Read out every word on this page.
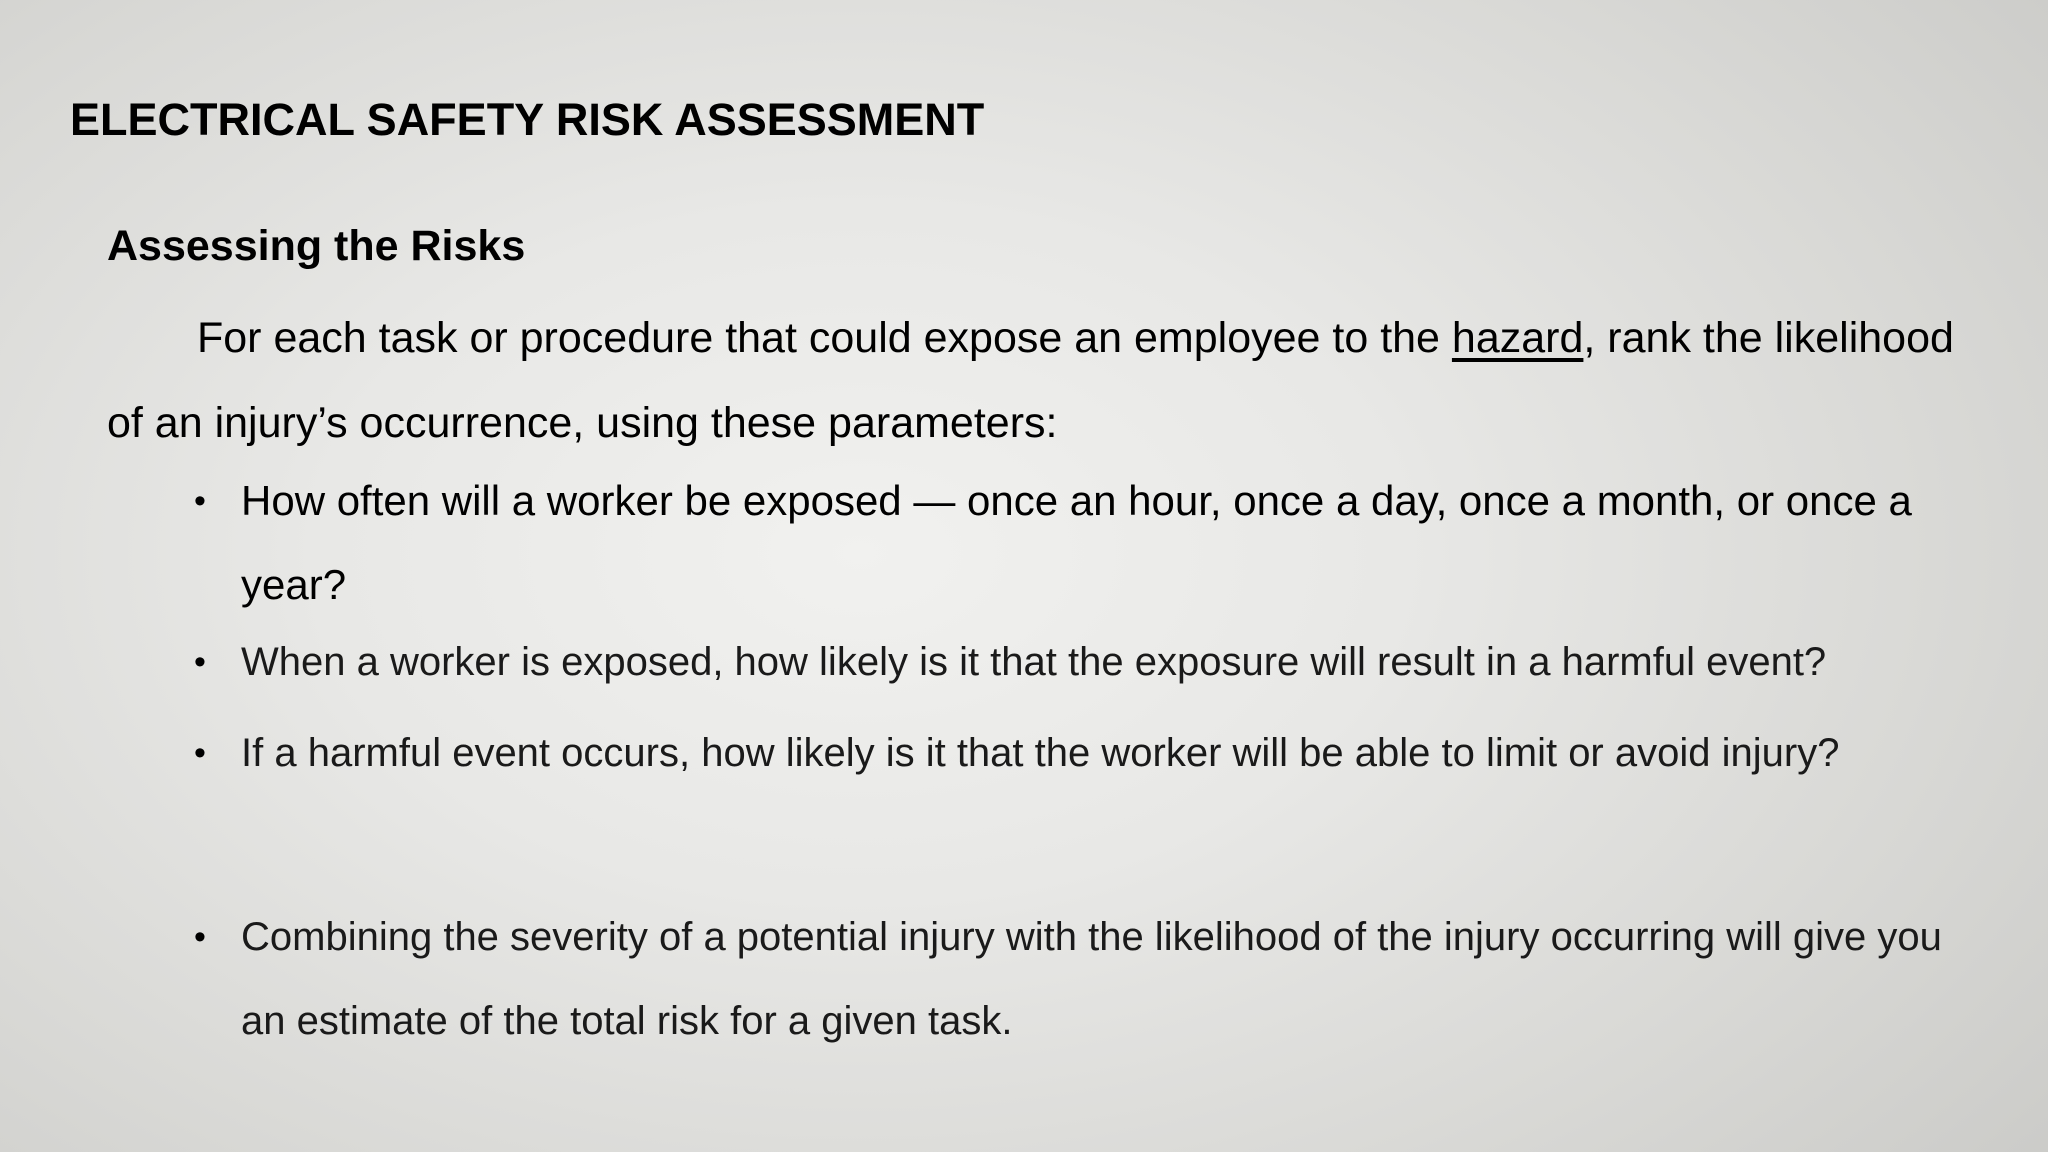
ELECTRICAL SAFETY RISK ASSESSMENT
Assessing the Risks

For each task or procedure that could expose an employee to the hazard, rank the likelihood of an injury’s occurrence, using these parameters:

• How often will a worker be exposed — once an hour, once a day, once a month, or once a year?
• When a worker is exposed, how likely is it that the exposure will result in a harmful event?
• If a harmful event occurs, how likely is it that the worker will be able to limit or avoid injury?
• Combining the severity of a potential injury with the likelihood of the injury occurring will give you an estimate of the total risk for a given task.
